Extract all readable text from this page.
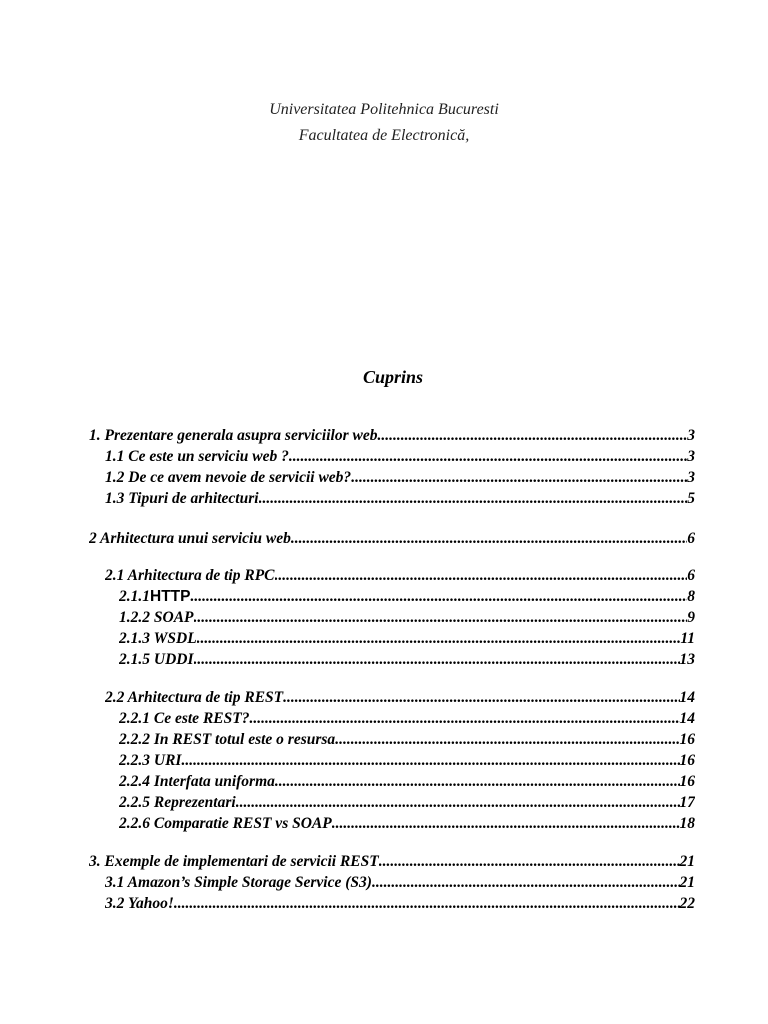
Universitatea Politehnica Bucuresti
Facultatea de Electronică,
Cuprins
1. Prezentare generala asupra serviciilor web .....	3
1.1 Ce este un serviciu web ? .....	3
1.2 De ce avem nevoie de servicii web? .....	3
1.3 Tipuri de arhitecturi .....	5
2 Arhitectura unui serviciu web .....	6
2.1 Arhitectura de tip RPC .....	6
2.1.1 HTTP .....	8
1.2.2 SOAP .....	9
2.1.3 WSDL .....	11
2.1.5 UDDI .....	13
2.2 Arhitectura de tip REST .....	14
2.2.1 Ce este REST? .....	14
2.2.2 In REST totul este o resursa .....	16
2.2.3 URI .....	16
2.2.4 Interfata uniforma .....	16
2.2.5 Reprezentari .....	17
2.2.6 Comparatie REST vs SOAP .....	18
3. Exemple de implementari de servicii REST .....	21
3.1 Amazon’s Simple Storage Service (S3) .....	21
3.2 Yahoo! .....	22
